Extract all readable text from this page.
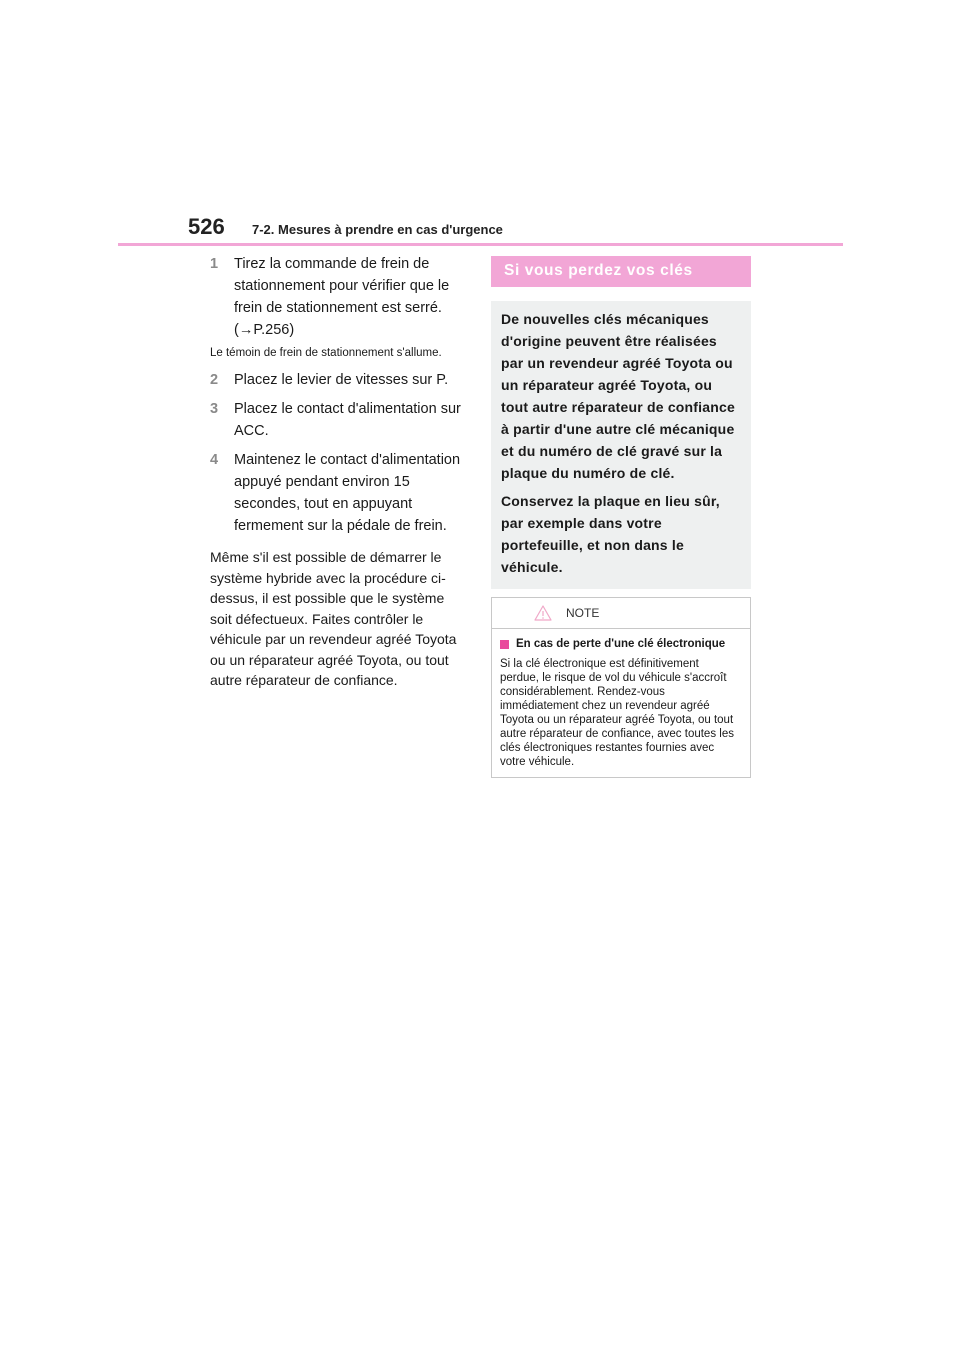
526	7-2. Mesures à prendre en cas d'urgence
1	Tirez la commande de frein de stationnement pour vérifier que le frein de stationnement est serré. (→P.256)
Le témoin de frein de stationnement s'allume.
2	Placez le levier de vitesses sur P.
3	Placez le contact d'alimentation sur ACC.
4	Maintenez le contact d'alimentation appuyé pendant environ 15 secondes, tout en appuyant fermement sur la pédale de frein.
Même s'il est possible de démarrer le système hybride avec la procédure ci-dessus, il est possible que le système soit défectueux. Faites contrôler le véhicule par un revendeur agréé Toyota ou un réparateur agréé Toyota, ou tout autre réparateur de confiance.
Si vous perdez vos clés

De nouvelles clés mécaniques d'origine peuvent être réalisées par un revendeur agréé Toyota ou un réparateur agréé Toyota, ou tout autre réparateur de confiance à partir d'une autre clé mécanique et du numéro de clé gravé sur la plaque du numéro de clé.

Conservez la plaque en lieu sûr, par exemple dans votre portefeuille, et non dans le véhicule.

NOTE
En cas de perte d'une clé électronique
Si la clé électronique est définitivement perdue, le risque de vol du véhicule s'accroît considérablement. Rendez-vous immédiatement chez un revendeur agréé Toyota ou un réparateur agréé Toyota, ou tout autre réparateur de confiance, avec toutes les clés électroniques restantes fournies avec votre véhicule.
